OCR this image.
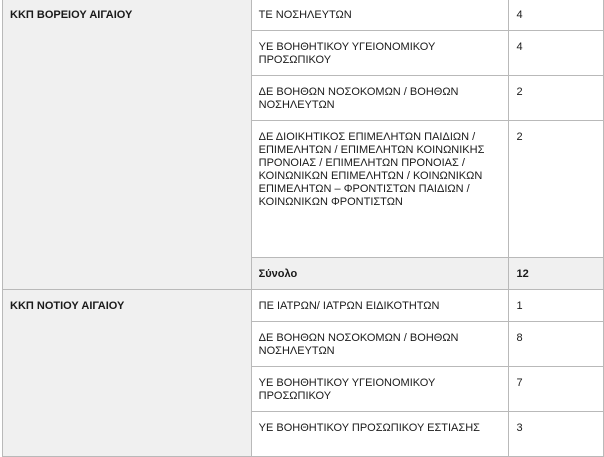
ΚΚΠ ΒΟΡΕΙΟΥ ΑΙΓΑΙΟΥ	ΤΕ ΝΟΣΗΛΕΥΤΩΝ	4
	ΥΕ ΒΟΗΘΗΤΙΚΟΥ ΥΓΕΙΟΝΟΜΙΚΟΥ ΠΡΟΣΩΠΙΚΟΥ	4
	ΔΕ ΒΟΗΘΩΝ ΝΟΣΟΚΟΜΩΝ / ΒΟΗΘΩΝ ΝΟΣΗΛΕΥΤΩΝ	2
	ΔΕ ΔΙΟΙΚΗΤΙΚΟΣ ΕΠΙΜΕΛΗΤΩΝ ΠΑΙΔΙΩΝ / ΕΠΙΜΕΛΗΤΩΝ / ΕΠΙΜΕΛΗΤΩΝ ΚΟΙΝΩΝΙΚΗΣ ΠΡΟΝΟΙΑΣ / ΕΠΙΜΕΛΗΤΩΝ ΠΡΟΝΟΙΑΣ / ΚΟΙΝΩΝΙΚΩΝ ΕΠΙΜΕΛΗΤΩΝ / ΚΟΙΝΩΝΙΚΩΝ ΕΠΙΜΕΛΗΤΩΝ – ΦΡΟΝΤΙΣΤΩΝ ΠΑΙΔΙΩΝ / ΚΟΙΝΩΝΙΚΩΝ ΦΡΟΝΤΙΣΤΩΝ	2
	Σύνολο	12
ΚΚΠ ΝΟΤΙΟΥ ΑΙΓΑΙΟΥ	ΠΕ ΙΑΤΡΩΝ/ ΙΑΤΡΩΝ ΕΙΔΙΚΟΤΗΤΩΝ	1
	ΔΕ ΒΟΗΘΩΝ ΝΟΣΟΚΟΜΩΝ / ΒΟΗΘΩΝ ΝΟΣΗΛΕΥΤΩΝ	8
	ΥΕ ΒΟΗΘΗΤΙΚΟΥ ΥΓΕΙΟΝΟΜΙΚΟΥ ΠΡΟΣΩΠΙΚΟΥ	7
	ΥΕ ΒΟΗΘΗΤΙΚΟΥ ΠΡΟΣΩΠΙΚΟΥ ΕΣΤΙΑΣΗΣ	3
